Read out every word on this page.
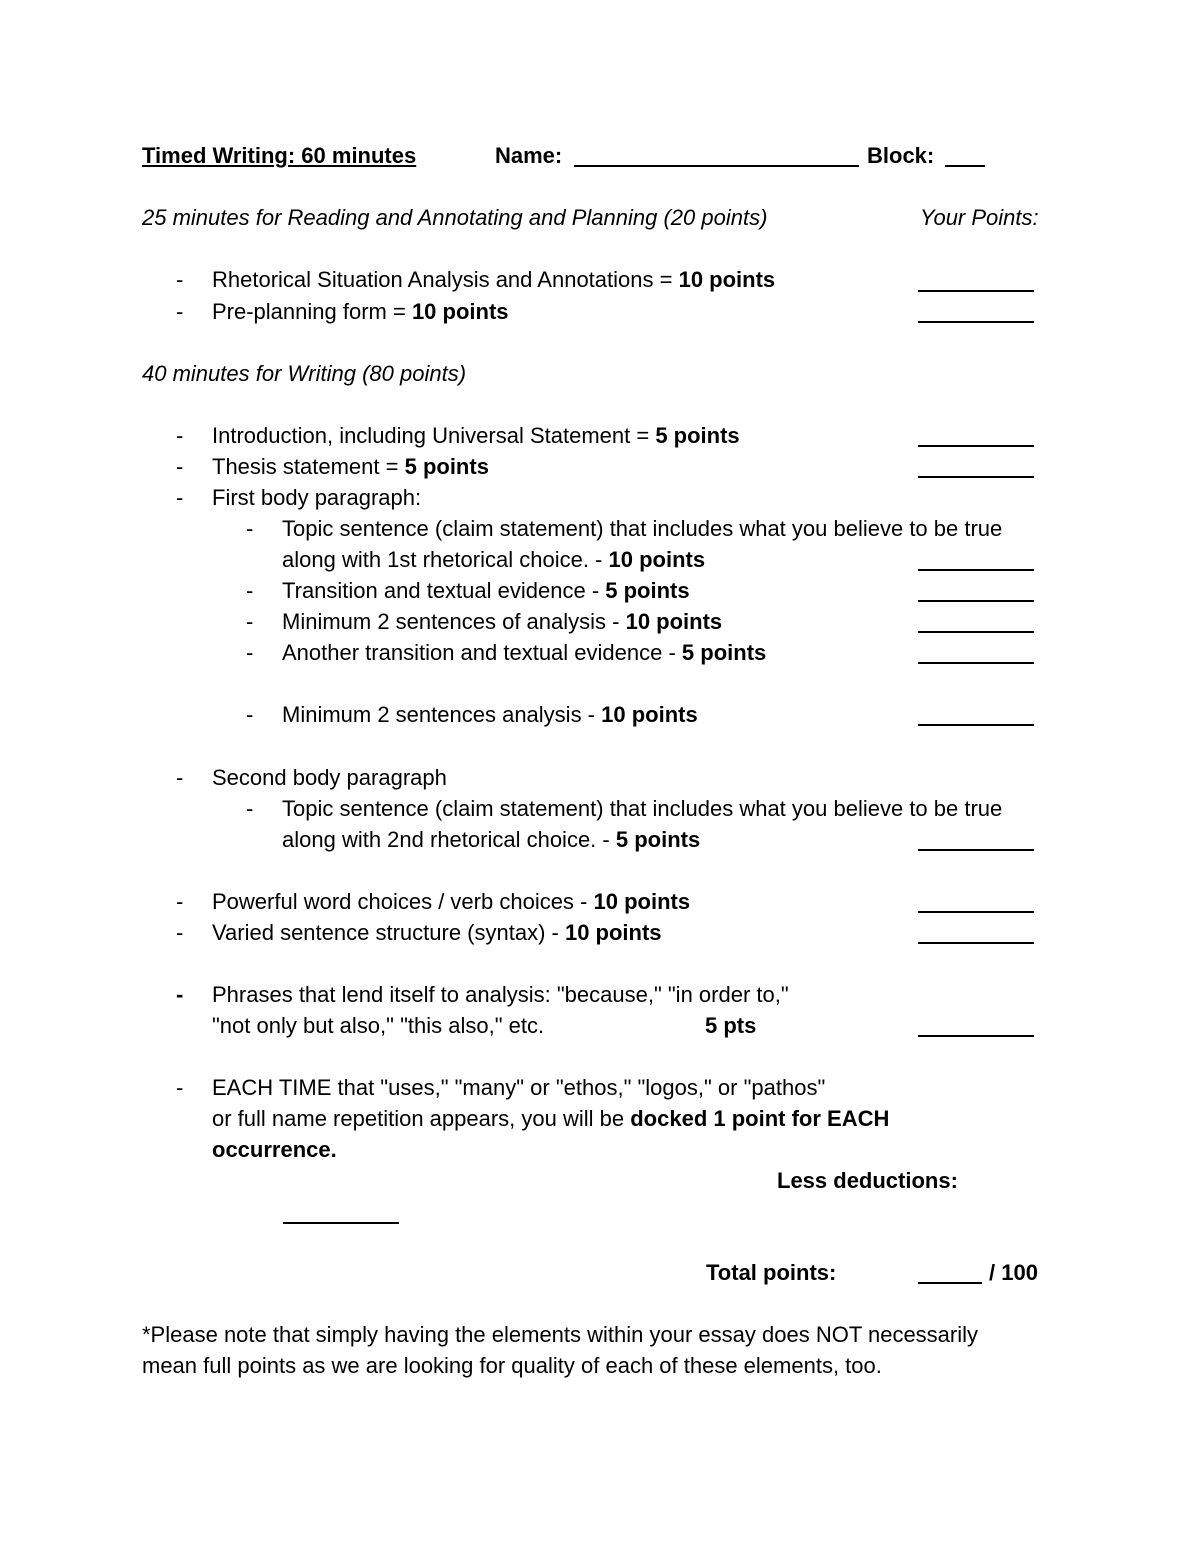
Timed Writing: 60 minutes	Name:	Block:
25 minutes for Reading and Annotating and Planning (20 points)	Your Points:
- Rhetorical Situation Analysis and Annotations = 10 points
- Pre-planning form = 10 points
40 minutes for Writing (80 points)
- Introduction, including Universal Statement = 5 points
- Thesis statement = 5 points
- First body paragraph:
- Topic sentence (claim statement) that includes what you believe to be true
along with 1st rhetorical choice. - 10 points
- Transition and textual evidence - 5 points
- Minimum 2 sentences of analysis - 10 points
- Another transition and textual evidence - 5 points
- Minimum 2 sentences analysis - 10 points
- Second body paragraph
- Topic sentence (claim statement) that includes what you believe to be true
along with 2nd rhetorical choice. - 5 points
- Powerful word choices / verb choices - 10 points
- Varied sentence structure (syntax) - 10 points
- Phrases that lend itself to analysis: "because," "in order to,"
"not only but also," "this also," etc.	5 pts
- EACH TIME that "uses," "many" or "ethos," "logos," or "pathos"
or full name repetition appears, you will be docked 1 point for EACH
occurrence.
Less deductions:
Total points:	/ 100
*Please note that simply having the elements within your essay does NOT necessarily
mean full points as we are looking for quality of each of these elements, too.
